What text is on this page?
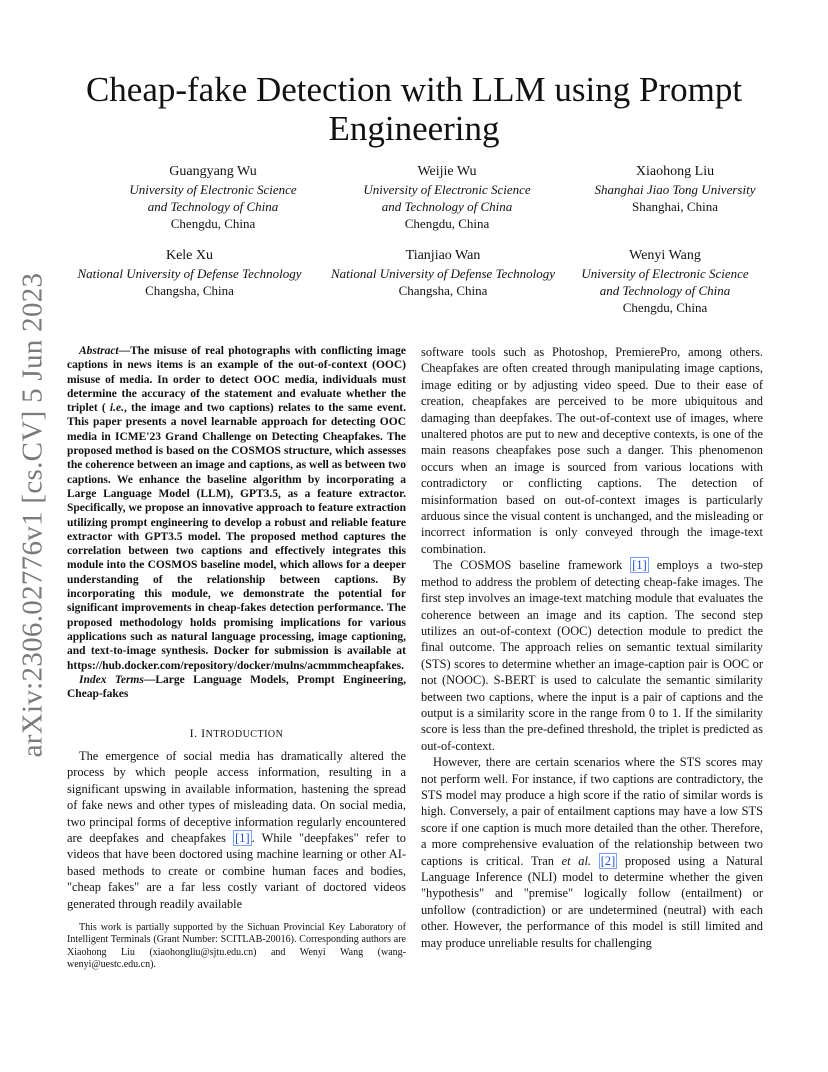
arXiv:2306.02776v1 [cs.CV] 5 Jun 2023
Cheap-fake Detection with LLM using Prompt Engineering
Guangyang Wu
University of Electronic Science
and Technology of China
Chengdu, China
Weijie Wu
University of Electronic Science
and Technology of China
Chengdu, China
Xiaohong Liu
Shanghai Jiao Tong University
Shanghai, China
Kele Xu
National University of Defense Technology
Changsha, China
Tianjiao Wan
National University of Defense Technology
Changsha, China
Wenyi Wang
University of Electronic Science
and Technology of China
Chengdu, China

Abstract—The misuse of real photographs with conflicting image captions in news items is an example of the out-of-context (OOC) misuse of media. In order to detect OOC media, individuals must determine the accuracy of the statement and evaluate whether the triplet ( i.e., the image and two captions) relates to the same event. This paper presents a novel learnable approach for detecting OOC media in ICME'23 Grand Challenge on Detecting Cheapfakes. The proposed method is based on the COSMOS structure, which assesses the coherence between an image and captions, as well as between two captions. We enhance the baseline algorithm by incorporating a Large Language Model (LLM), GPT3.5, as a feature extractor. Specifically, we propose an innovative approach to feature extraction utilizing prompt engineering to develop a robust and reliable feature extractor with GPT3.5 model. The proposed method captures the correlation between two captions and effectively integrates this module into the COSMOS baseline model, which allows for a deeper understanding of the relationship between captions. By incorporating this module, we demonstrate the potential for significant improvements in cheap-fakes detection performance. The proposed methodology holds promising implications for various applications such as natural language processing, image captioning, and text-to-image synthesis. Docker for submission is available at https://hub.docker.com/repository/docker/mulns/acmmmcheapfakes.

Index Terms—Large Language Models, Prompt Engineering, Cheap-fakes

I. INTRODUCTION

The emergence of social media has dramatically altered the process by which people access information, resulting in a significant upswing in available information, hastening the spread of fake news and other types of misleading data. On social media, two principal forms of deceptive information regularly encountered are deepfakes and cheapfakes [1] . While "deepfakes" refer to videos that have been doctored using machine learning or other AI-based methods to create or combine human faces and bodies, "cheap fakes" are a far less costly variant of doctored videos generated through readily available

This work is partially supported by the Sichuan Provincial Key Laboratory of Intelligent Terminals (Grant Number: SCITLAB-20016). Corresponding authors are Xiaohong Liu (xiaohongliu@sjtu.edu.cn) and Wenyi Wang (wang-wenyi@uestc.edu.cn).

software tools such as Photoshop, PremierePro, among others. Cheapfakes are often created through manipulating image captions, image editing or by adjusting video speed. Due to their ease of creation, cheapfakes are perceived to be more ubiquitous and damaging than deepfakes. The out-of-context use of images, where unaltered photos are put to new and deceptive contexts, is one of the main reasons cheapfakes pose such a danger. This phenomenon occurs when an image is sourced from various locations with contradictory or conflicting captions. The detection of misinformation based on out-of-context images is particularly arduous since the visual content is unchanged, and the misleading or incorrect information is only conveyed through the image-text combination.

The COSMOS baseline framework [1] employs a two-step method to address the problem of detecting cheap-fake images. The first step involves an image-text matching module that evaluates the coherence between an image and its caption. The second step utilizes an out-of-context (OOC) detection module to predict the final outcome. The approach relies on semantic textual similarity (STS) scores to determine whether an image-caption pair is OOC or not (NOOC). S-BERT is used to calculate the semantic similarity between two captions, where the input is a pair of captions and the output is a similarity score in the range from 0 to 1. If the similarity score is less than the pre-defined threshold, the triplet is predicted as out-of-context.

However, there are certain scenarios where the STS scores may not perform well. For instance, if two captions are contradictory, the STS model may produce a high score if the ratio of similar words is high. Conversely, a pair of entailment captions may have a low STS score if one caption is much more detailed than the other. Therefore, a more comprehensive evaluation of the relationship between two captions is critical. Tran et al. [2] proposed using a Natural Language Inference (NLI) model to determine whether the given "hypothesis" and "premise" logically follow (entailment) or unfollow (contradiction) or are undetermined (neutral) with each other. However, the performance of this model is still limited and may produce unreliable results for challenging
